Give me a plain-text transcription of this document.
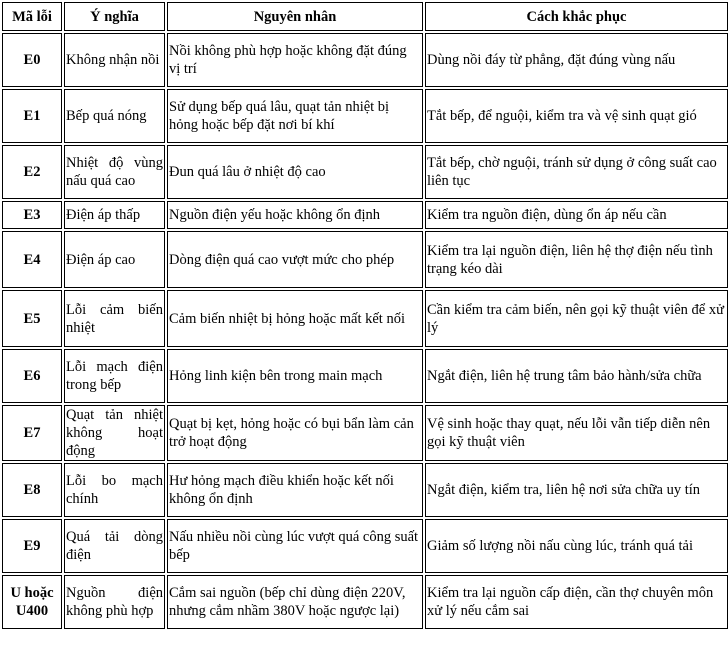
Mã lỗi	Ý nghĩa	Nguyên nhân	Cách khắc phục
E0	Không nhận nồi	Nồi không phù hợp hoặc không đặt đúng vị trí	Dùng nồi đáy từ phẳng, đặt đúng vùng nấu
E1	Bếp quá nóng	Sử dụng bếp quá lâu, quạt tản nhiệt bị hỏng hoặc bếp đặt nơi bí khí	Tắt bếp, để nguội, kiểm tra và vệ sinh quạt gió
E2	Nhiệt độ vùng nấu quá cao	Đun quá lâu ở nhiệt độ cao	Tắt bếp, chờ nguội, tránh sử dụng ở công suất cao liên tục
E3	Điện áp thấp	Nguồn điện yếu hoặc không ổn định	Kiểm tra nguồn điện, dùng ổn áp nếu cần
E4	Điện áp cao	Dòng điện quá cao vượt mức cho phép	Kiểm tra lại nguồn điện, liên hệ thợ điện nếu tình trạng kéo dài
E5	Lỗi cảm biến nhiệt	Cảm biến nhiệt bị hỏng hoặc mất kết nối	Cần kiểm tra cảm biến, nên gọi kỹ thuật viên để xử lý
E6	Lỗi mạch điện trong bếp	Hỏng linh kiện bên trong main mạch	Ngắt điện, liên hệ trung tâm bảo hành/sửa chữa
E7	Quạt tản nhiệt không hoạt động	Quạt bị kẹt, hỏng hoặc có bụi bẩn làm cản trở hoạt động	Vệ sinh hoặc thay quạt, nếu lỗi vẫn tiếp diễn nên gọi kỹ thuật viên
E8	Lỗi bo mạch chính	Hư hỏng mạch điều khiển hoặc kết nối không ổn định	Ngắt điện, kiểm tra, liên hệ nơi sửa chữa uy tín
E9	Quá tải dòng điện	Nấu nhiều nồi cùng lúc vượt quá công suất bếp	Giảm số lượng nồi nấu cùng lúc, tránh quá tải
U hoặc U400	Nguồn điện không phù hợp	Cắm sai nguồn (bếp chỉ dùng điện 220V, nhưng cắm nhầm 380V hoặc ngược lại)	Kiểm tra lại nguồn cấp điện, cần thợ chuyên môn xử lý nếu cắm sai
